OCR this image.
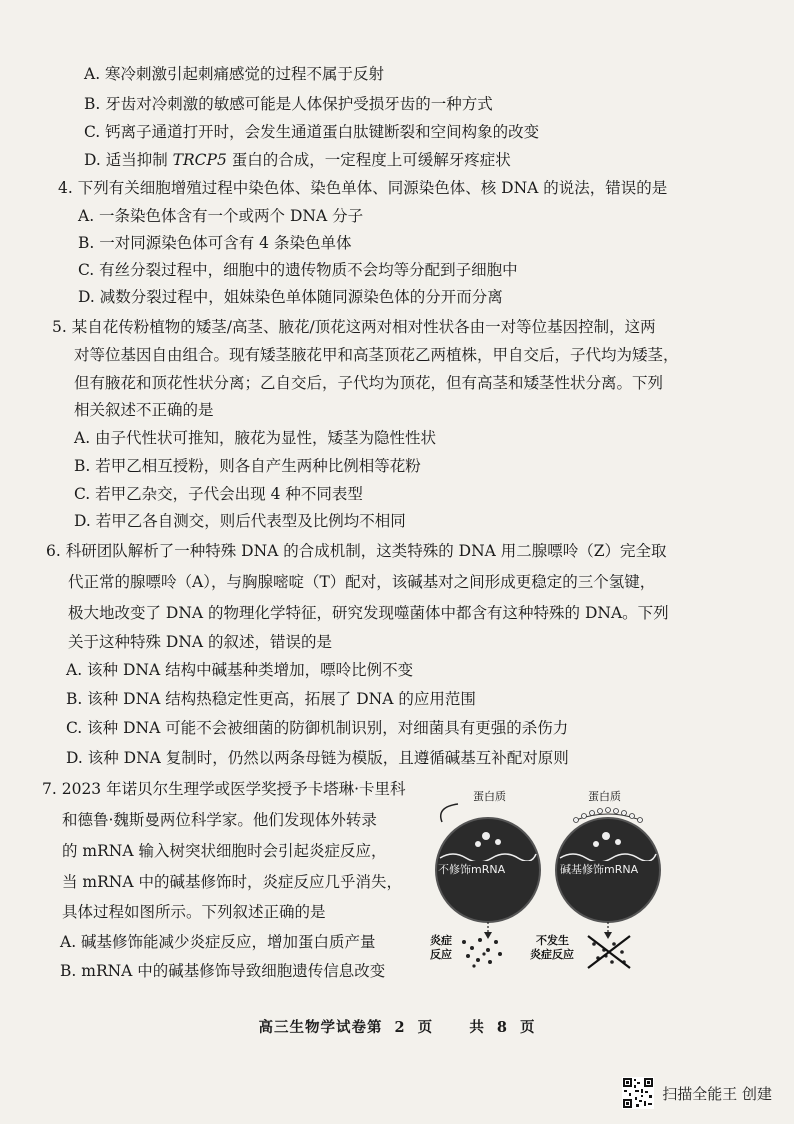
A. 寒冷刺激引起刺痛感觉的过程不属于反射
B. 牙齿对冷刺激的敏感可能是人体保护受损牙齿的一种方式
C. 钙离子通道打开时，会发生通道蛋白肽键断裂和空间构象的改变
D. 适当抑制 TRCP5 蛋白的合成，一定程度上可缓解牙疼症状
4. 下列有关细胞增殖过程中染色体、染色单体、同源染色体、核 DNA 的说法，错误的是
A. 一条染色体含有一个或两个 DNA 分子
B. 一对同源染色体可含有 4 条染色单体
C. 有丝分裂过程中，细胞中的遗传物质不会均等分配到子细胞中
D. 减数分裂过程中，姐妹染色单体随同源染色体的分开而分离
5. 某自花传粉植物的矮茎/高茎、腋花/顶花这两对相对性状各由一对等位基因控制，这两
对等位基因自由组合。现有矮茎腋花甲和高茎顶花乙两植株，甲自交后，子代均为矮茎，
但有腋花和顶花性状分离；乙自交后，子代均为顶花，但有高茎和矮茎性状分离。下列
相关叙述不正确的是
A. 由子代性状可推知，腋花为显性，矮茎为隐性性状
B. 若甲乙相互授粉，则各自产生两种比例相等花粉
C. 若甲乙杂交，子代会出现 4 种不同表型
D. 若甲乙各自测交，则后代表型及比例均不相同
6. 科研团队解析了一种特殊 DNA 的合成机制，这类特殊的 DNA 用二腺嘌呤（Z）完全取
代正常的腺嘌呤（A），与胸腺嘧啶（T）配对，该碱基对之间形成更稳定的三个氢键，
极大地改变了 DNA 的物理化学特征，研究发现噬菌体中都含有这种特殊的 DNA。下列
关于这种特殊 DNA 的叙述，错误的是
A. 该种 DNA 结构中碱基种类增加，嘌呤比例不变
B. 该种 DNA 结构热稳定性更高，拓展了 DNA 的应用范围
C. 该种 DNA 可能不会被细菌的防御机制识别，对细菌具有更强的杀伤力
D. 该种 DNA 复制时，仍然以两条母链为模版，且遵循碱基互补配对原则
7. 2023 年诺贝尔生理学或医学奖授予卡塔琳·卡里科
和德鲁·魏斯曼两位科学家。他们发现体外转录
的 mRNA 输入树突状细胞时会引起炎症反应，
当 mRNA 中的碱基修饰时，炎症反应几乎消失，
具体过程如图所示。下列叙述正确的是
A. 碱基修饰能减少炎症反应，增加蛋白质产量
B. mRNA 中的碱基修饰导致细胞遗传信息改变
蛋白质
不修饰mRNA
炎症
反应
蛋白质
碱基修饰mRNA
不发生
炎症反应
高三生物学试卷第 2 页 共 8 页
扫描全能王 创建
